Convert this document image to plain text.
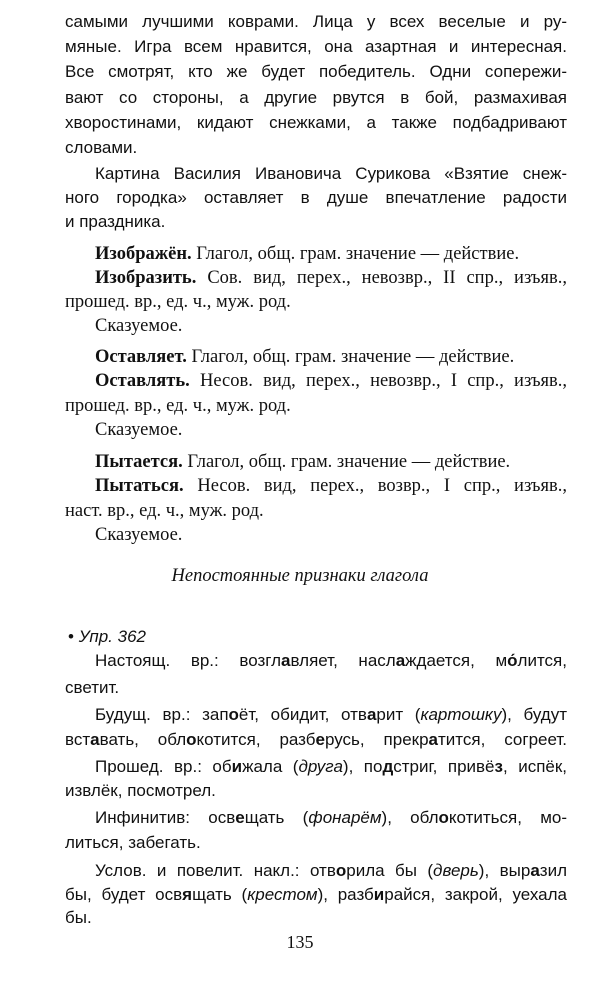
самыми лучшими коврами. Лица у всех веселые и ру-
мяные. Игра всем нравится, она азартная и интересная.
Все смотрят, кто же будет победитель. Одни сопережи-
вают со стороны, а другие рвутся в бой, размахивая
хворостинами, кидают снежками, а также подбадривают
словами.
Картина Василия Ивановича Сурикова «Взятие снеж-
ного городка» оставляет в душе впечатление радости
и праздника.
Изображён. Глагол, общ. грам. значение — действие.
Изобразить. Сов. вид, перех., невозвр., II спр., изъяв.,
прошед. вр., ед. ч., муж. род.
Сказуемое.
Оставляет. Глагол, общ. грам. значение — действие.
Оставлять. Несов. вид, перех., невозвр., I спр., изъяв.,
прошед. вр., ед. ч., муж. род.
Сказуемое.
Пытается. Глагол, общ. грам. значение — действие.
Пытаться. Несов. вид, перех., возвр., I спр., изъяв.,
наст. вр., ед. ч., муж. род.
Сказуемое.
Непостоянные признаки глагола
• Упр. 362
Настоящ. вр.: возглавляет, наслаждается, мо́лится,
светит.
Будущ. вр.: запоёт, обидит, отварит (картошку), будут
вставать, облокотится, разберусь, прекратится, согреет.
Прошед. вр.: обижала (друга), подстриг, привёз, испёк,
извлёк, посмотрел.
Инфинитив: освещать (фонарём), облокотиться, мо-
литься, забегать.
Услов. и повелит. накл.: отворила бы (дверь), выразил
бы, будет освящать (крестом), разбирайся, закрой, уехала
бы.
135
